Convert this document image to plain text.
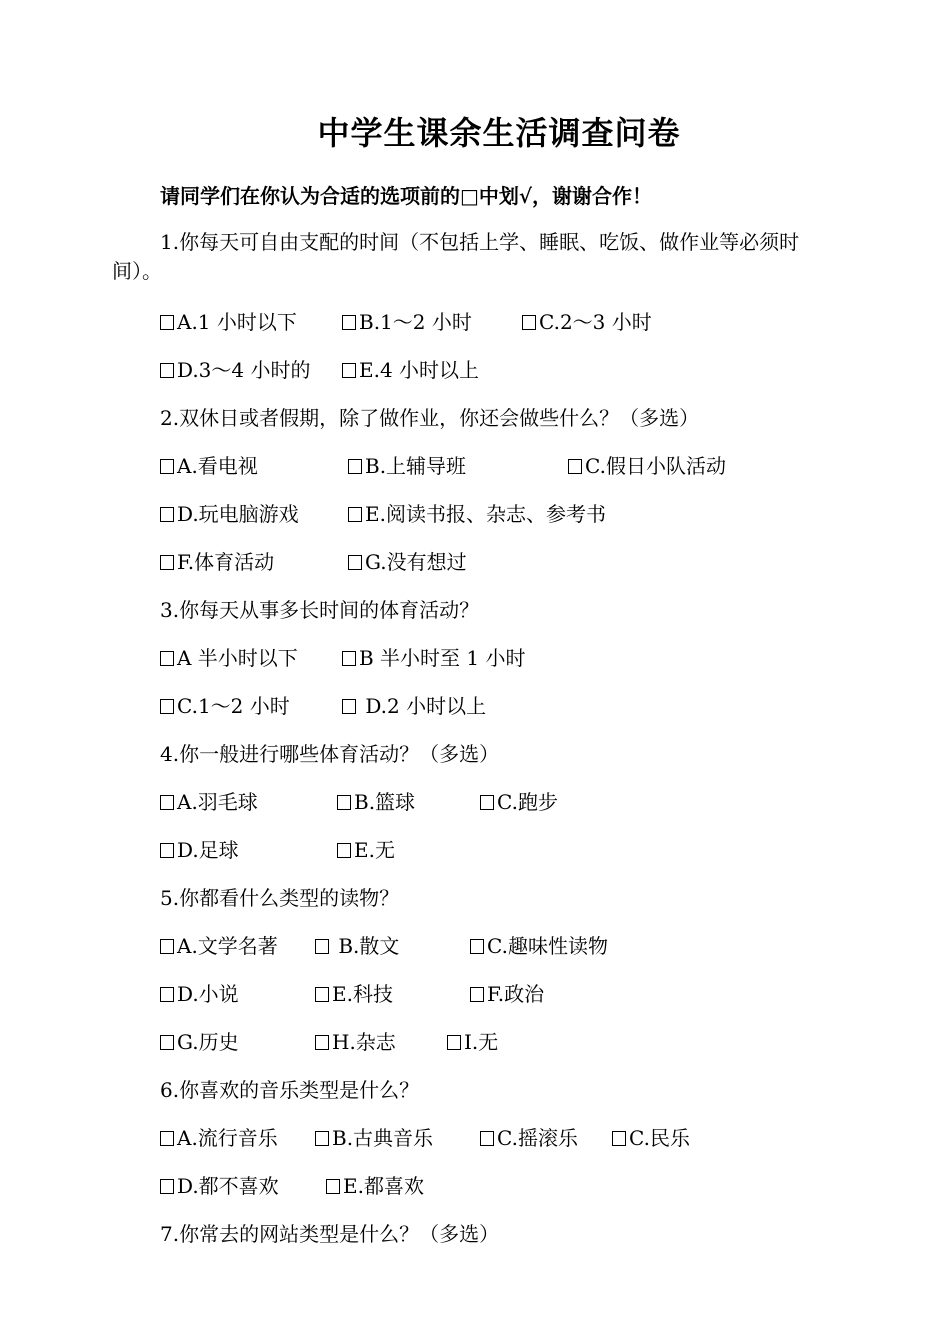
中学生课余生活调查问卷

请同学们在你认为合适的选项前的□中划√，谢谢合作！

1.你每天可自由支配的时间（不包括上学、睡眠、吃饭、做作业等必须时间）。

A.1 小时以下	B.1～2 小时	C.2～3 小时
D.3～4 小时的	E.4 小时以上

2.双休日或者假期，除了做作业，你还会做些什么？（多选）

A.看电视	B.上辅导班	C.假日小队活动
D.玩电脑游戏	E.阅读书报、杂志、参考书
F.体育活动	G.没有想过

3.你每天从事多长时间的体育活动？

A 半小时以下	B 半小时至 1 小时
C.1～2 小时	D.2 小时以上

4.你一般进行哪些体育活动？（多选）

A.羽毛球	B.篮球	C.跑步
D.足球	E.无

5.你都看什么类型的读物？

A.文学名著	B.散文	C.趣味性读物
D.小说	E.科技	F.政治
G.历史	H.杂志	I.无

6.你喜欢的音乐类型是什么？

A.流行音乐	B.古典音乐	C.摇滚乐	C.民乐
D.都不喜欢	E.都喜欢

7.你常去的网站类型是什么？（多选）
